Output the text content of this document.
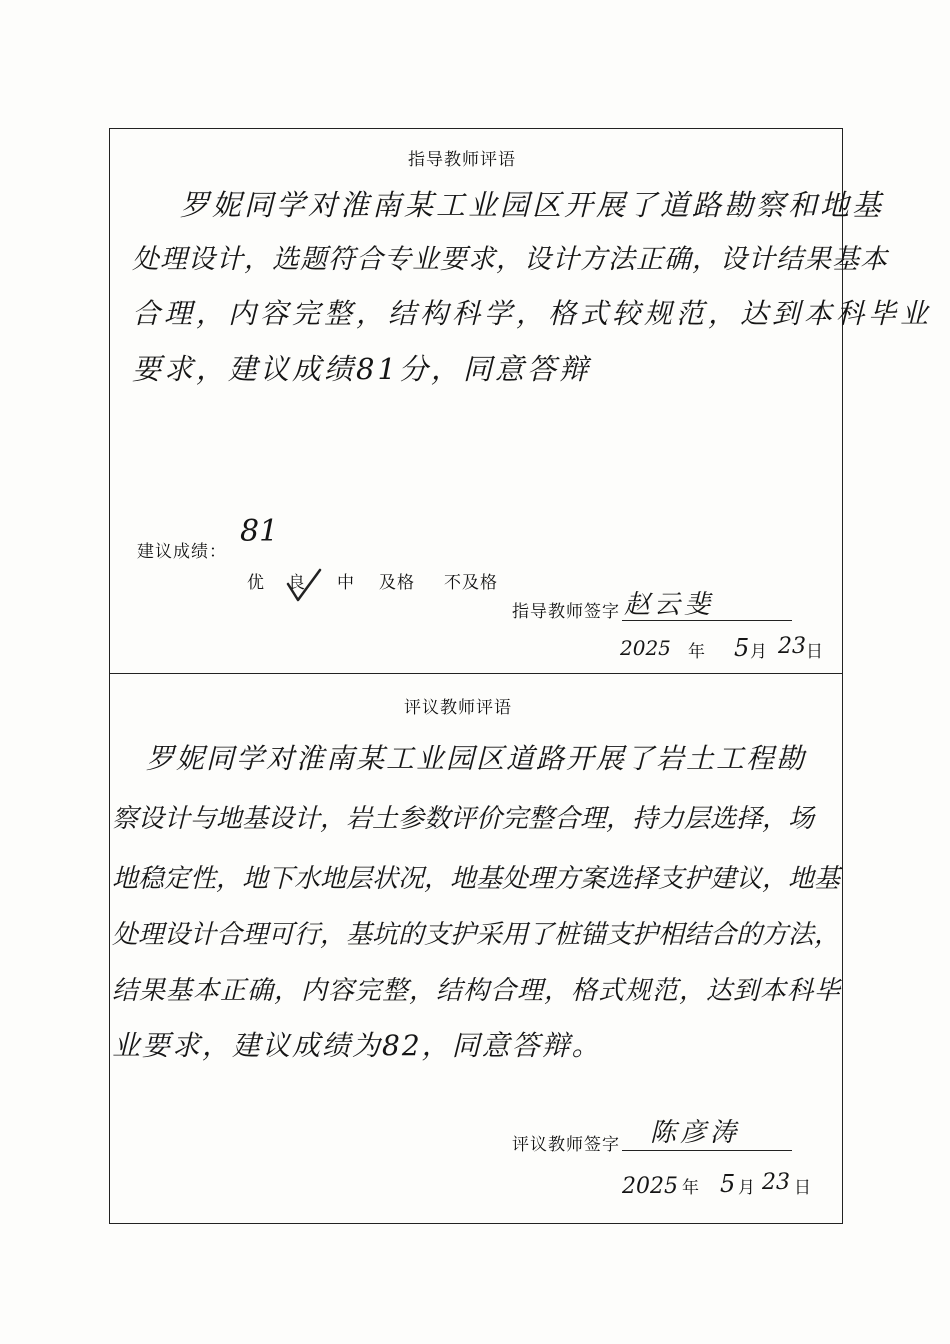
指导教师评语
罗妮同学对淮南某工业园区开展了道路勘察和地基
处理设计，选题符合专业要求，设计方法正确，设计结果基本
合理，内容完整，结构科学，格式较规范，达到本科毕业
要求，建议成绩81分，同意答辩
建议成绩：
81
优 良 中 及格 不及格
指导教师签字 赵云斐
2025 年 5 月 23 日
评议教师评语
罗妮同学对淮南某工业园区道路开展了岩土工程勘
察设计与地基设计，岩土参数评价完整合理，持力层选择，场
地稳定性，地下水地层状况，地基处理方案选择支护建议，地基
处理设计合理可行，基坑的支护采用了桩锚支护相结合的方法，
结果基本正确，内容完整，结构合理，格式规范，达到本科毕
业要求，建议成绩为82，同意答辩。
评议教师签字 陈彦涛
2025 年 5 月 23 日
